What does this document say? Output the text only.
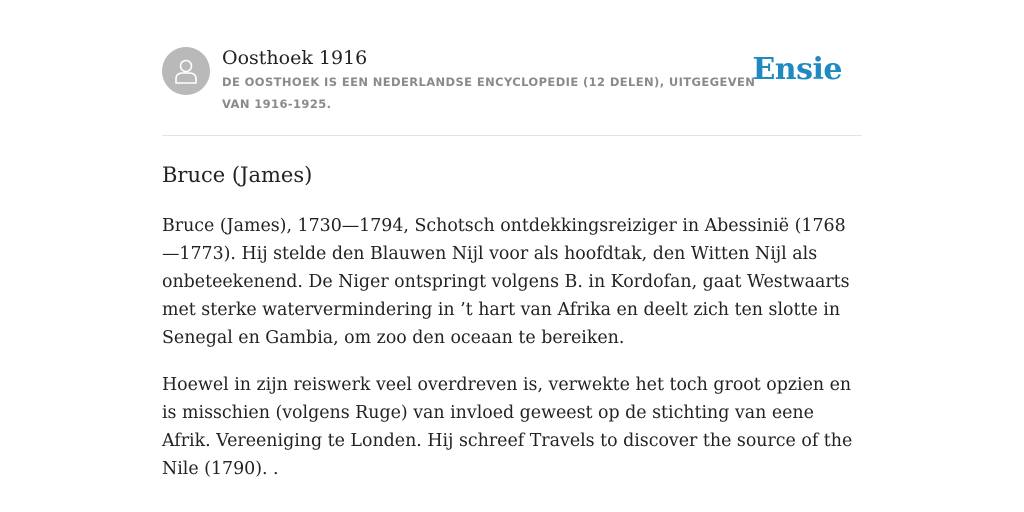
Oosthoek 1916
DE OOSTHOEK IS EEN NEDERLANDSE ENCYCLOPEDIE (12 DELEN), UITGEGEVEN VAN 1916-1925.
Ensie
Bruce (James)

Bruce (James), 1730—1794, Schotsch ontdekkingsreiziger in Abessinië (1768—1773). Hij stelde den Blauwen Nijl voor als hoofdtak, den Witten Nijl als onbeteekenend. De Niger ontspringt volgens B. in Kordofan, gaat Westwaarts met sterke watervermindering in ’t hart van Afrika en deelt zich ten slotte in Senegal en Gambia, om zoo den oceaan te bereiken.

Hoewel in zijn reiswerk veel overdreven is, verwekte het toch groot opzien en is misschien (volgens Ruge) van invloed geweest op de stichting van eene Afrik. Vereeniging te Londen. Hij schreef Travels to discover the source of the Nile (1790). .
